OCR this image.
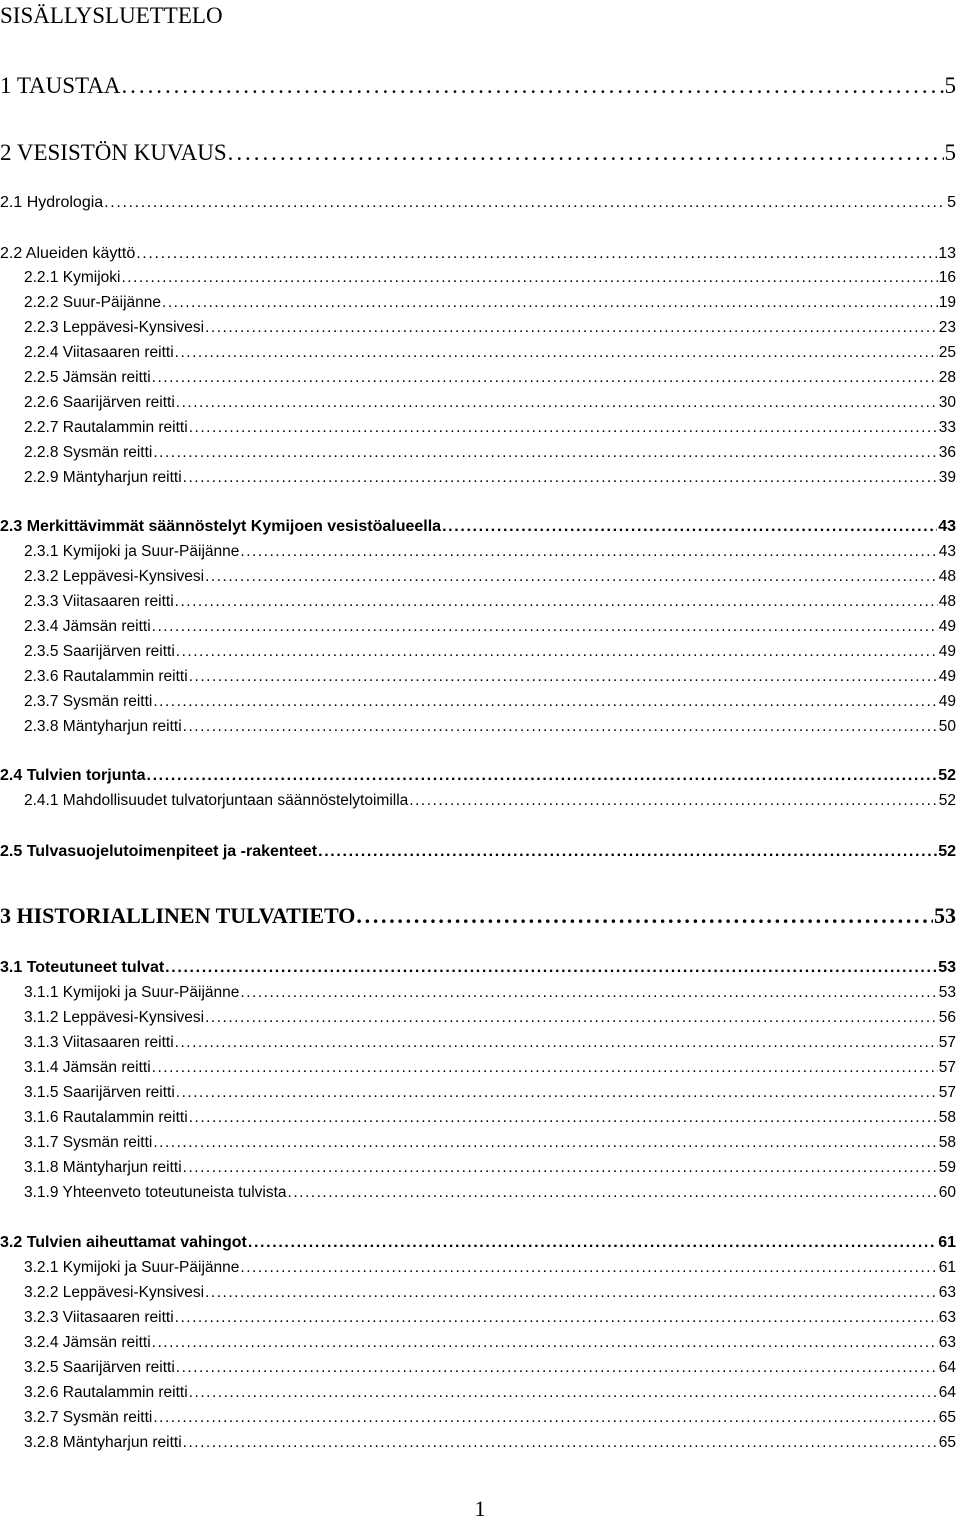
SISÄLLYSLUETTELO
1 TAUSTAA . . .	5
2 VESISTÖN KUVAUS . . .	5
2.1 Hydrologia . . .	5
2.2 Alueiden käyttö . . .	13
2.2.1 Kymijoki . . .	16
2.2.2 Suur-Päijänne . . .	19
2.2.3 Leppävesi-Kynsivesi . . .	23
2.2.4 Viitasaaren reitti . . .	25
2.2.5 Jämsän reitti . . .	28
2.2.6 Saarijärven reitti . . .	30
2.2.7 Rautalammin reitti . . .	33
2.2.8 Sysmän reitti . . .	36
2.2.9 Mäntyharjun reitti . . .	39
2.3 Merkittävimmät säännöstelyt Kymijoen vesistöalueella . . .	43
2.3.1 Kymijoki ja Suur-Päijänne . . .	43
2.3.2 Leppävesi-Kynsivesi . . .	48
2.3.3 Viitasaaren reitti . . .	48
2.3.4 Jämsän reitti . . .	49
2.3.5 Saarijärven reitti . . .	49
2.3.6 Rautalammin reitti . . .	49
2.3.7 Sysmän reitti . . .	49
2.3.8 Mäntyharjun reitti . . .	50
2.4 Tulvien torjunta . . .	52
2.4.1 Mahdollisuudet tulvatorjuntaan säännöstelytoimilla . . .	52
2.5 Tulvasuojelutoimenpiteet ja -rakenteet . . .	52
3 HISTORIALLINEN TULVATIETO . . .	53
3.1 Toteutuneet tulvat . . .	53
3.1.1 Kymijoki ja Suur-Päijänne . . .	53
3.1.2 Leppävesi-Kynsivesi . . .	56
3.1.3 Viitasaaren reitti . . .	57
3.1.4 Jämsän reitti . . .	57
3.1.5 Saarijärven reitti . . .	57
3.1.6 Rautalammin reitti . . .	58
3.1.7 Sysmän reitti . . .	58
3.1.8 Mäntyharjun reitti . . .	59
3.1.9 Yhteenveto toteutuneista tulvista . . .	60
3.2 Tulvien aiheuttamat vahingot . . .	61
3.2.1 Kymijoki ja Suur-Päijänne . . .	61
3.2.2 Leppävesi-Kynsivesi . . .	63
3.2.3 Viitasaaren reitti . . .	63
3.2.4 Jämsän reitti . . .	63
3.2.5 Saarijärven reitti . . .	64
3.2.6 Rautalammin reitti . . .	64
3.2.7 Sysmän reitti . . .	65
3.2.8 Mäntyharjun reitti . . .	65
1
